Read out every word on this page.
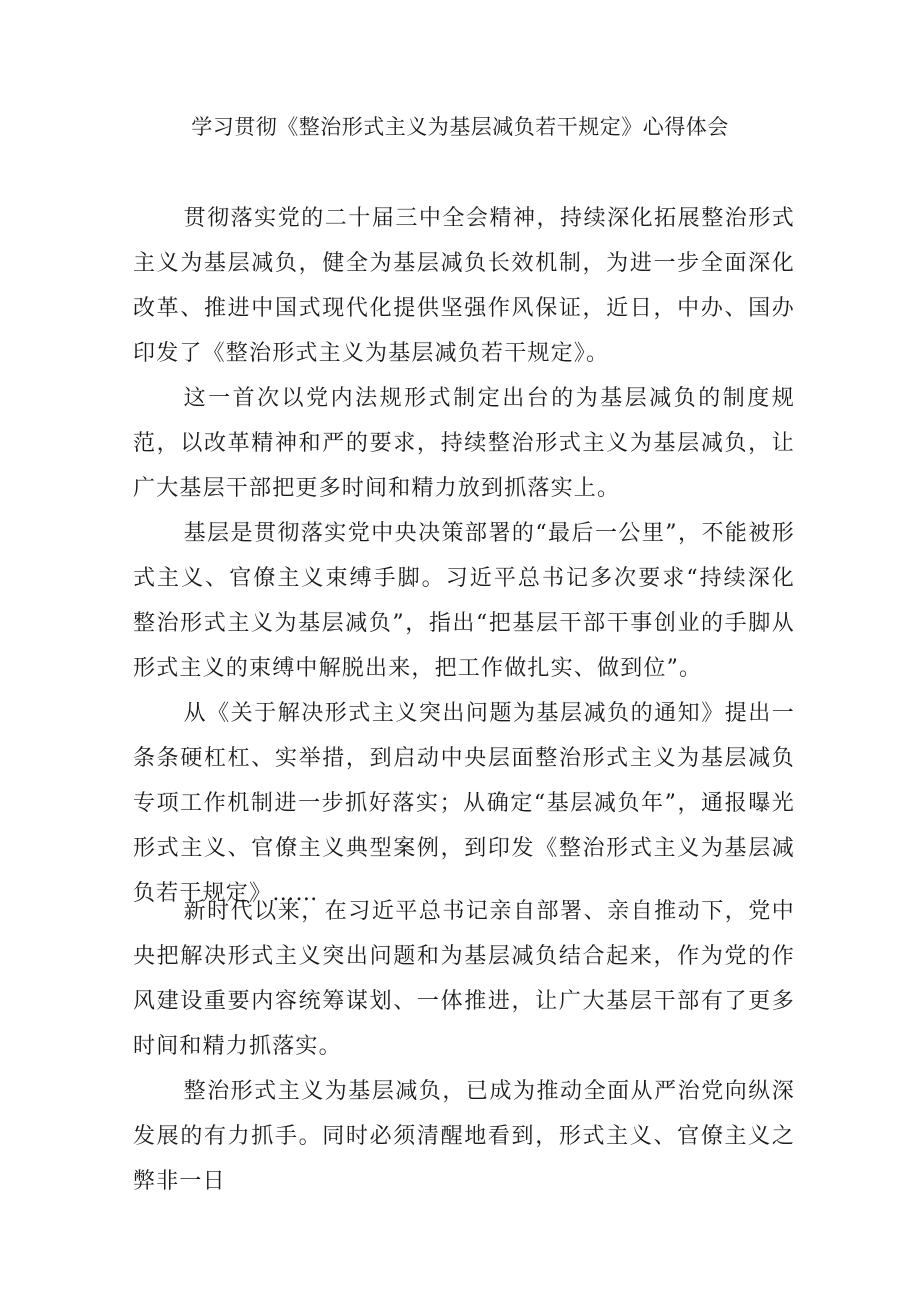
学习贯彻《整治形式主义为基层减负若干规定》心得体会

贯彻落实党的二十届三中全会精神，持续深化拓展整治形式主义为基层减负，健全为基层减负长效机制，为进一步全面深化改革、推进中国式现代化提供坚强作风保证，近日，中办、国办印发了《整治形式主义为基层减负若干规定》。

这一首次以党内法规形式制定出台的为基层减负的制度规范，以改革精神和严的要求，持续整治形式主义为基层减负，让广大基层干部把更多时间和精力放到抓落实上。

基层是贯彻落实党中央决策部署的“最后一公里”，不能被形式主义、官僚主义束缚手脚。习近平总书记多次要求“持续深化整治形式主义为基层减负”，指出“把基层干部干事创业的手脚从形式主义的束缚中解脱出来，把工作做扎实、做到位”。

从《关于解决形式主义突出问题为基层减负的通知》提出一条条硬杠杠、实举措，到启动中央层面整治形式主义为基层减负专项工作机制进一步抓好落实；从确定“基层减负年”，通报曝光形式主义、官僚主义典型案例，到印发《整治形式主义为基层减负若干规定》……

新时代以来，在习近平总书记亲自部署、亲自推动下，党中央把解决形式主义突出问题和为基层减负结合起来，作为党的作风建设重要内容统筹谋划、一体推进，让广大基层干部有了更多时间和精力抓落实。

整治形式主义为基层减负，已成为推动全面从严治党向纵深发展的有力抓手。同时必须清醒地看到，形式主义、官僚主义之弊非一日
